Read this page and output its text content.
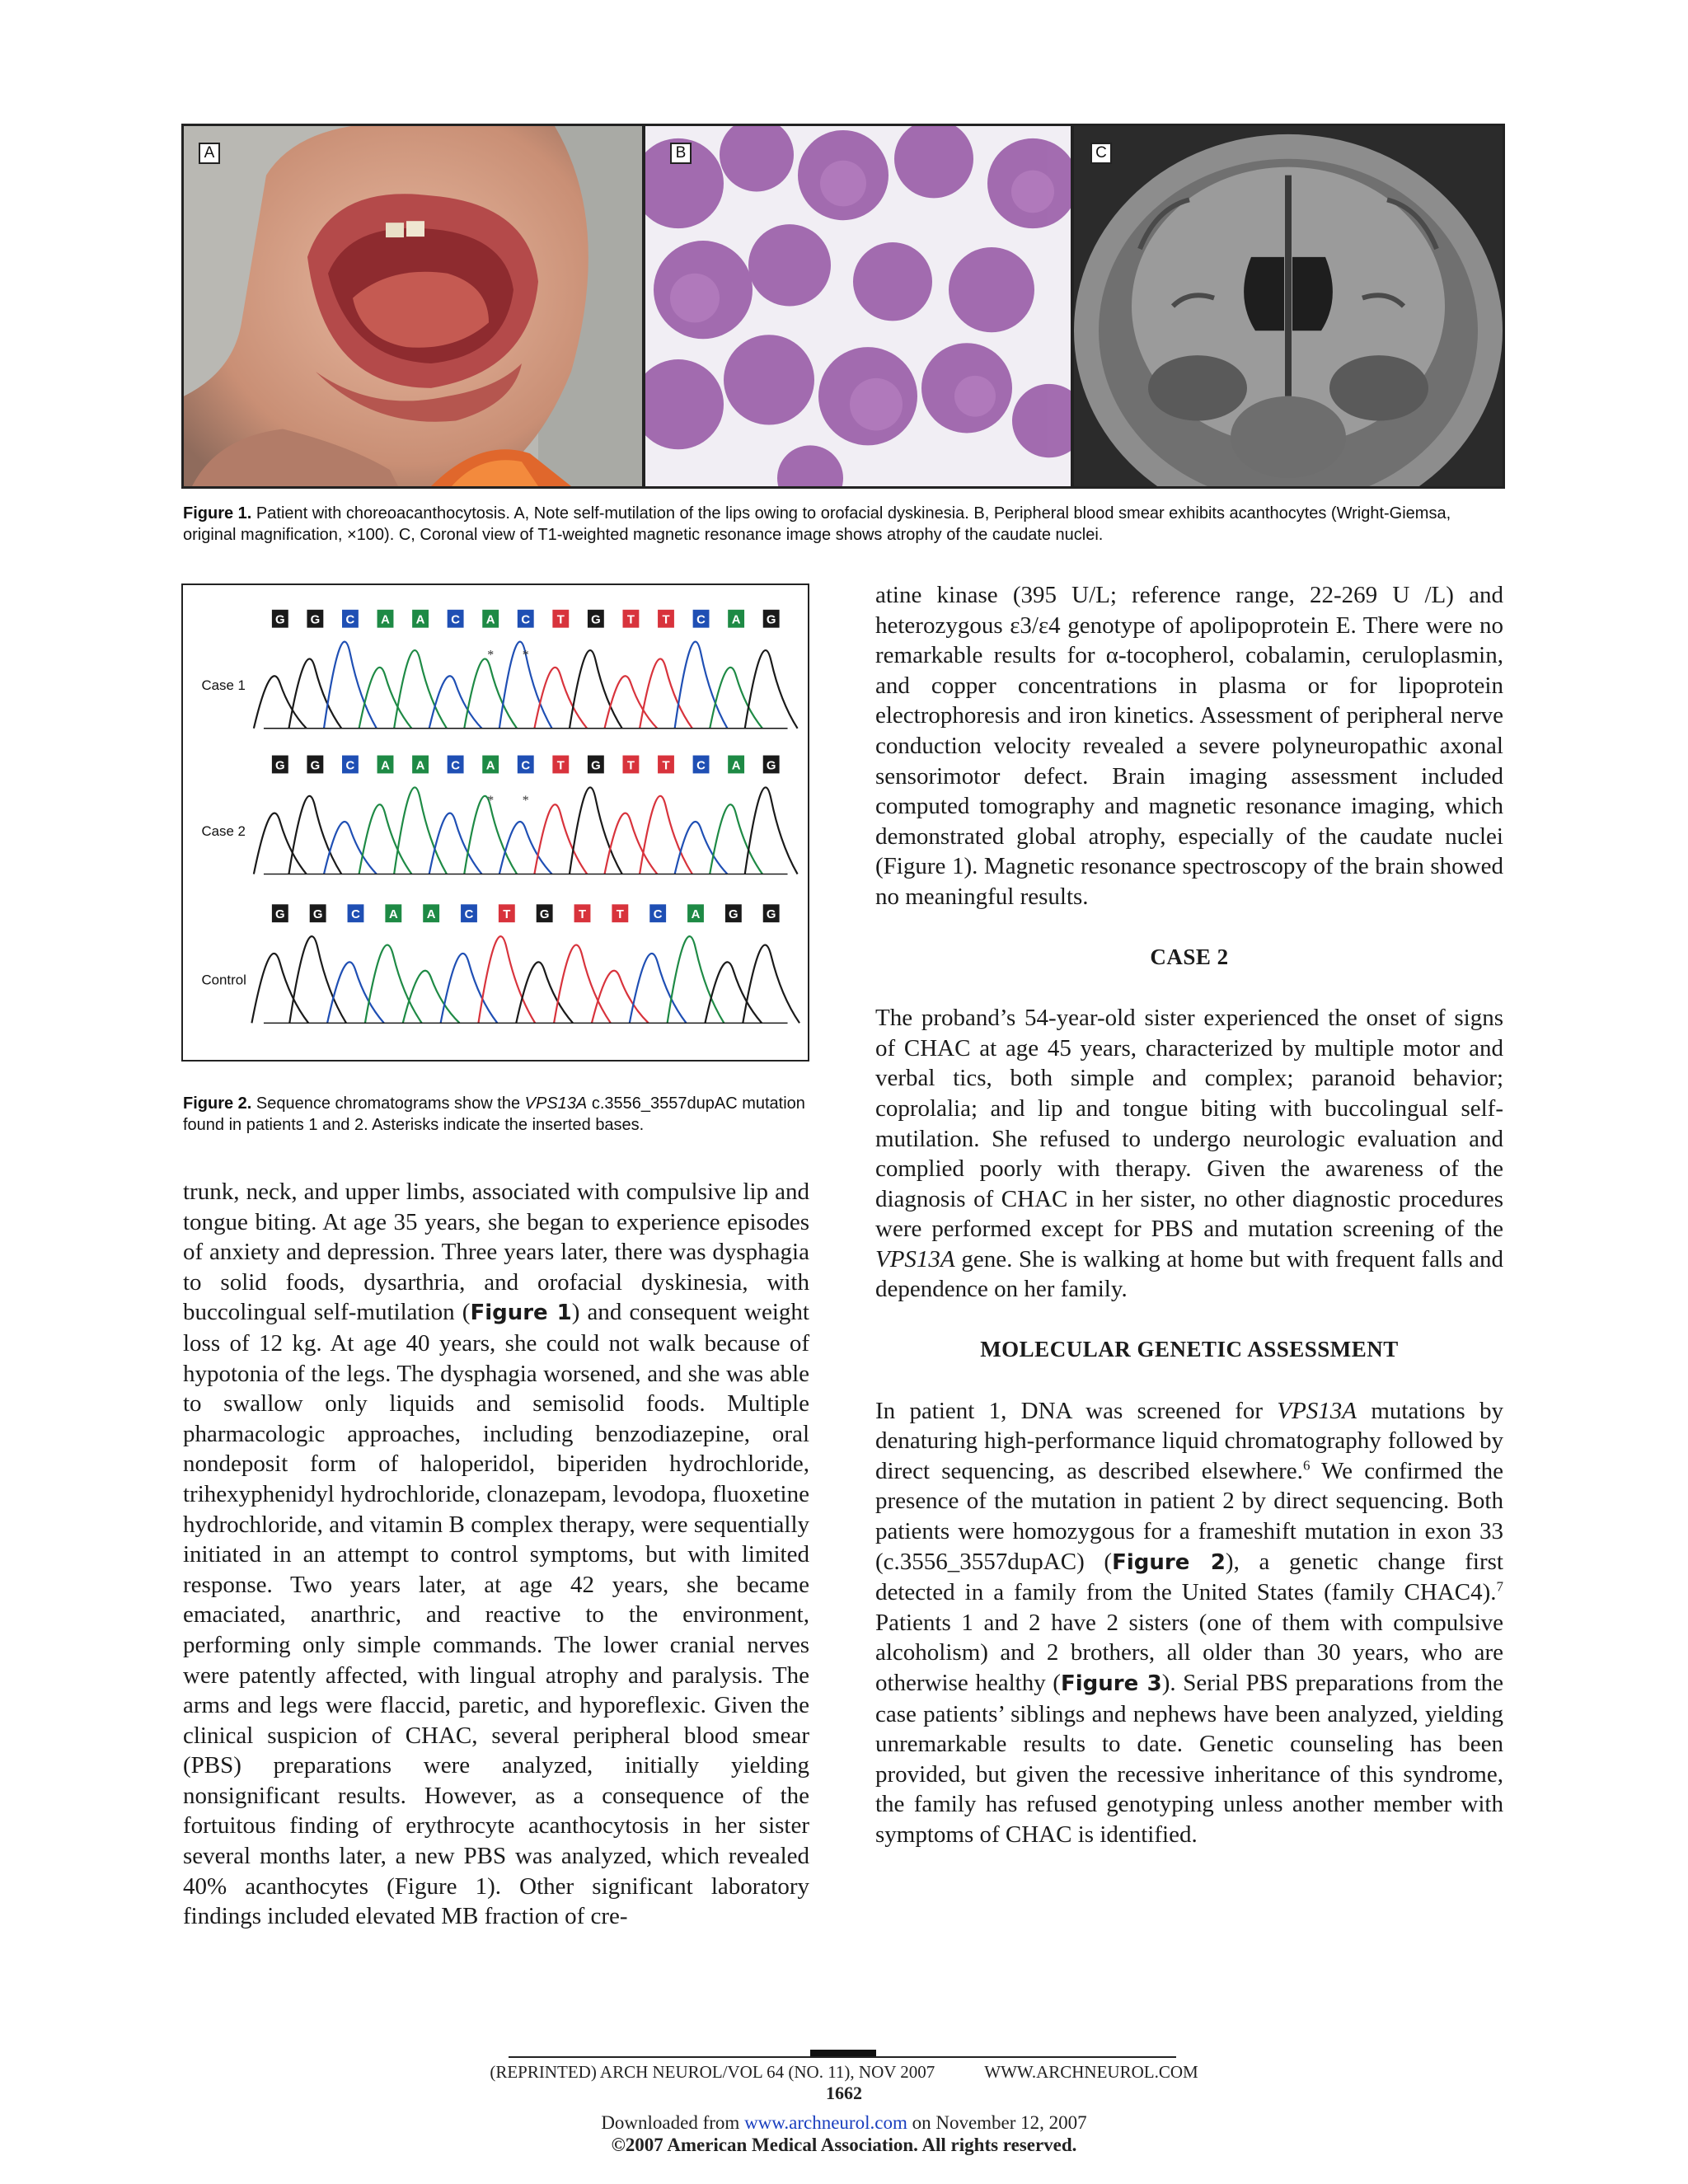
A	B	C
Figure 1. Patient with choreoacanthocytosis. A, Note self-mutilation of the lips owing to orofacial dyskinesia. B, Peripheral blood smear exhibits acanthocytes (Wright-Giemsa, original magnification, ×100). C, Coronal view of T1-weighted magnetic resonance image shows atrophy of the caudate nuclei.
Case 1
G G C A A C A C T G T T C A G
* *
Case 2
G G C A A C A C T G T T C A G
* *
Control
G G C A A C T G T T C A G G
Figure 2. Sequence chromatograms show the VPS13A c.3556_3557dupAC mutation found in patients 1 and 2. Asterisks indicate the inserted bases.

trunk, neck, and upper limbs, associated with compulsive lip and tongue biting. At age 35 years, she began to experience episodes of anxiety and depression. Three years later, there was dysphagia to solid foods, dysarthria, and orofacial dyskinesia, with buccolingual self-mutilation (Figure 1) and consequent weight loss of 12 kg. At age 40 years, she could not walk because of hypotonia of the legs. The dysphagia worsened, and she was able to swallow only liquids and semisolid foods. Multiple pharmacologic approaches, including benzodiazepine, oral nondeposit form of haloperidol, biperiden hydrochloride, trihexyphenidyl hydrochloride, clonazepam, levodopa, fluoxetine hydrochloride, and vitamin B complex therapy, were sequentially initiated in an attempt to control symptoms, but with limited response. Two years later, at age 42 years, she became emaciated, anarthric, and reactive to the environment, performing only simple commands. The lower cranial nerves were patently affected, with lingual atrophy and paralysis. The arms and legs were flaccid, paretic, and hyporeflexic. Given the clinical suspicion of CHAC, several peripheral blood smear (PBS) preparations were analyzed, initially yielding nonsignificant results. However, as a consequence of the fortuitous finding of erythrocyte acanthocytosis in her sister several months later, a new PBS was analyzed, which revealed 40% acanthocytes (Figure 1). Other significant laboratory findings included elevated MB fraction of cre-

atine kinase (395 U/L; reference range, 22-269 U /L) and heterozygous ε3/ε4 genotype of apolipoprotein E. There were no remarkable results for α-tocopherol, cobalamin, ceruloplasmin, and copper concentrations in plasma or for lipoprotein electrophoresis and iron kinetics. Assessment of peripheral nerve conduction velocity revealed a severe polyneuropathic axonal sensorimotor defect. Brain imaging assessment included computed tomography and magnetic resonance imaging, which demonstrated global atrophy, especially of the caudate nuclei (Figure 1). Magnetic resonance spectroscopy of the brain showed no meaningful results.

CASE 2

The proband’s 54-year-old sister experienced the onset of signs of CHAC at age 45 years, characterized by multiple motor and verbal tics, both simple and complex; paranoid behavior; coprolalia; and lip and tongue biting with buccolingual self-mutilation. She refused to undergo neurologic evaluation and complied poorly with therapy. Given the awareness of the diagnosis of CHAC in her sister, no other diagnostic procedures were performed except for PBS and mutation screening of the VPS13A gene. She is walking at home but with frequent falls and dependence on her family.

MOLECULAR GENETIC ASSESSMENT

In patient 1, DNA was screened for VPS13A mutations by denaturing high-performance liquid chromatography followed by direct sequencing, as described elsewhere.$^6$ We confirmed the presence of the mutation in patient 2 by direct sequencing. Both patients were homozygous for a frameshift mutation in exon 33 (c.3556_3557dupAC) (Figure 2), a genetic change first detected in a family from the United States (family CHAC4).$^7$ Patients 1 and 2 have 2 sisters (one of them with compulsive alcoholism) and 2 brothers, all older than 30 years, who are otherwise healthy (Figure 3). Serial PBS preparations from the case patients’ siblings and nephews have been analyzed, yielding unremarkable results to date. Genetic counseling has been provided, but given the recessive inheritance of this syndrome, the family has refused genotyping unless another member with symptoms of CHAC is identified.

(REPRINTED) ARCH NEUROL/VOL 64 (NO. 11), NOV 2007	WWW.ARCHNEUROL.COM
1662
Downloaded from www.archneurol.com on November 12, 2007
©2007 American Medical Association. All rights reserved.
